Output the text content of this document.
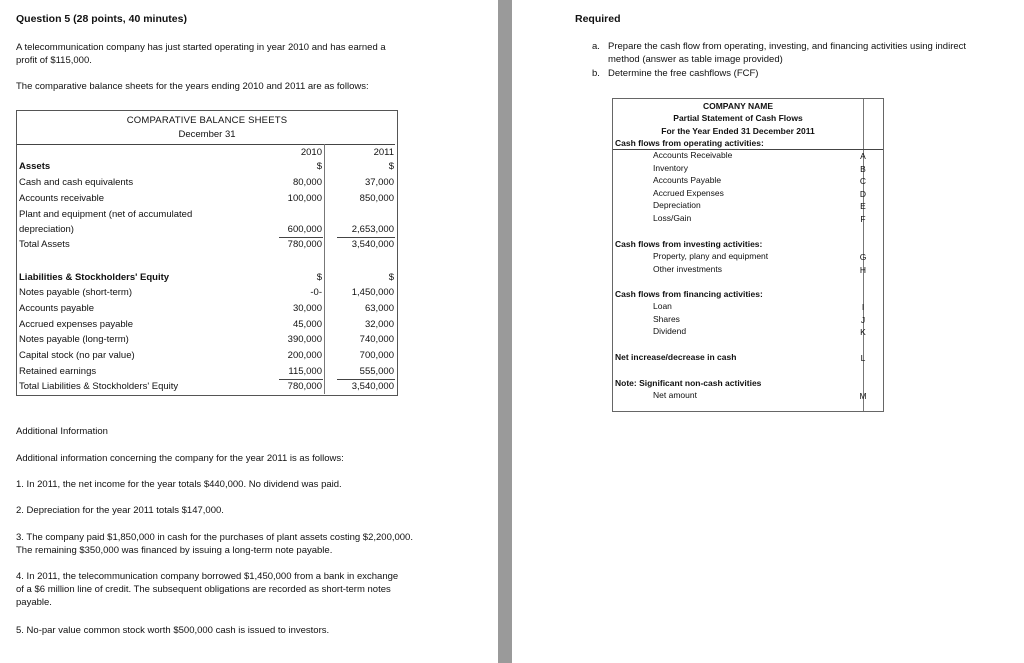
Question 5 (28 points, 40 minutes)
A telecommunication company has just started operating in year 2010 and has earned a
profit of $115,000.
The comparative balance sheets for the years ending 2010 and 2011 are as follows:
COMPARATIVE BALANCE SHEETS
December 31
2010	2011
Assets	$	$
Cash and cash equivalents	80,000	37,000
Accounts receivable	100,000	850,000
Plant and equipment (net of accumulated
depreciation)	600,000	2,653,000
Total Assets	780,000	3,540,000
Liabilities & Stockholders' Equity	$	$
Notes payable (short-term)	-0-	1,450,000
Accounts payable	30,000	63,000
Accrued expenses payable	45,000	32,000
Notes payable (long-term)	390,000	740,000
Capital stock (no par value)	200,000	700,000
Retained earnings	115,000	555,000
Total Liabilities & Stockholders' Equity	780,000	3,540,000
Additional Information
Additional information concerning the company for the year 2011 is as follows:
1. In 2011, the net income for the year totals $440,000. No dividend was paid.
2. Depreciation for the year 2011 totals $147,000.
3. The company paid $1,850,000 in cash for the purchases of plant assets costing $2,200,000.
The remaining $350,000 was financed by issuing a long-term note payable.
4. In 2011, the telecommunication company borrowed $1,450,000 from a bank in exchange
of a $6 million line of credit. The subsequent obligations are recorded as short-term notes
payable.
5. No-par value common stock worth $500,000 cash is issued to investors.
Required
a. Prepare the cash flow from operating, investing, and financing activities using indirect
method (answer as table image provided)
b. Determine the free cashflows (FCF)
COMPANY NAME
Partial Statement of Cash Flows
For the Year Ended 31 December 2011
Cash flows from operating activities:
Accounts Receivable	A
Inventory	B
Accounts Payable	C
Accrued Expenses	D
Depreciation	E
Loss/Gain	F
Cash flows from investing activities:
Property, plany and equipment	G
Other investments	H
Cash flows from financing activities:
Loan	I
Shares	J
Dividend	K
Net increase/decrease in cash	L
Note: Significant non-cash activities
Net amount	M
